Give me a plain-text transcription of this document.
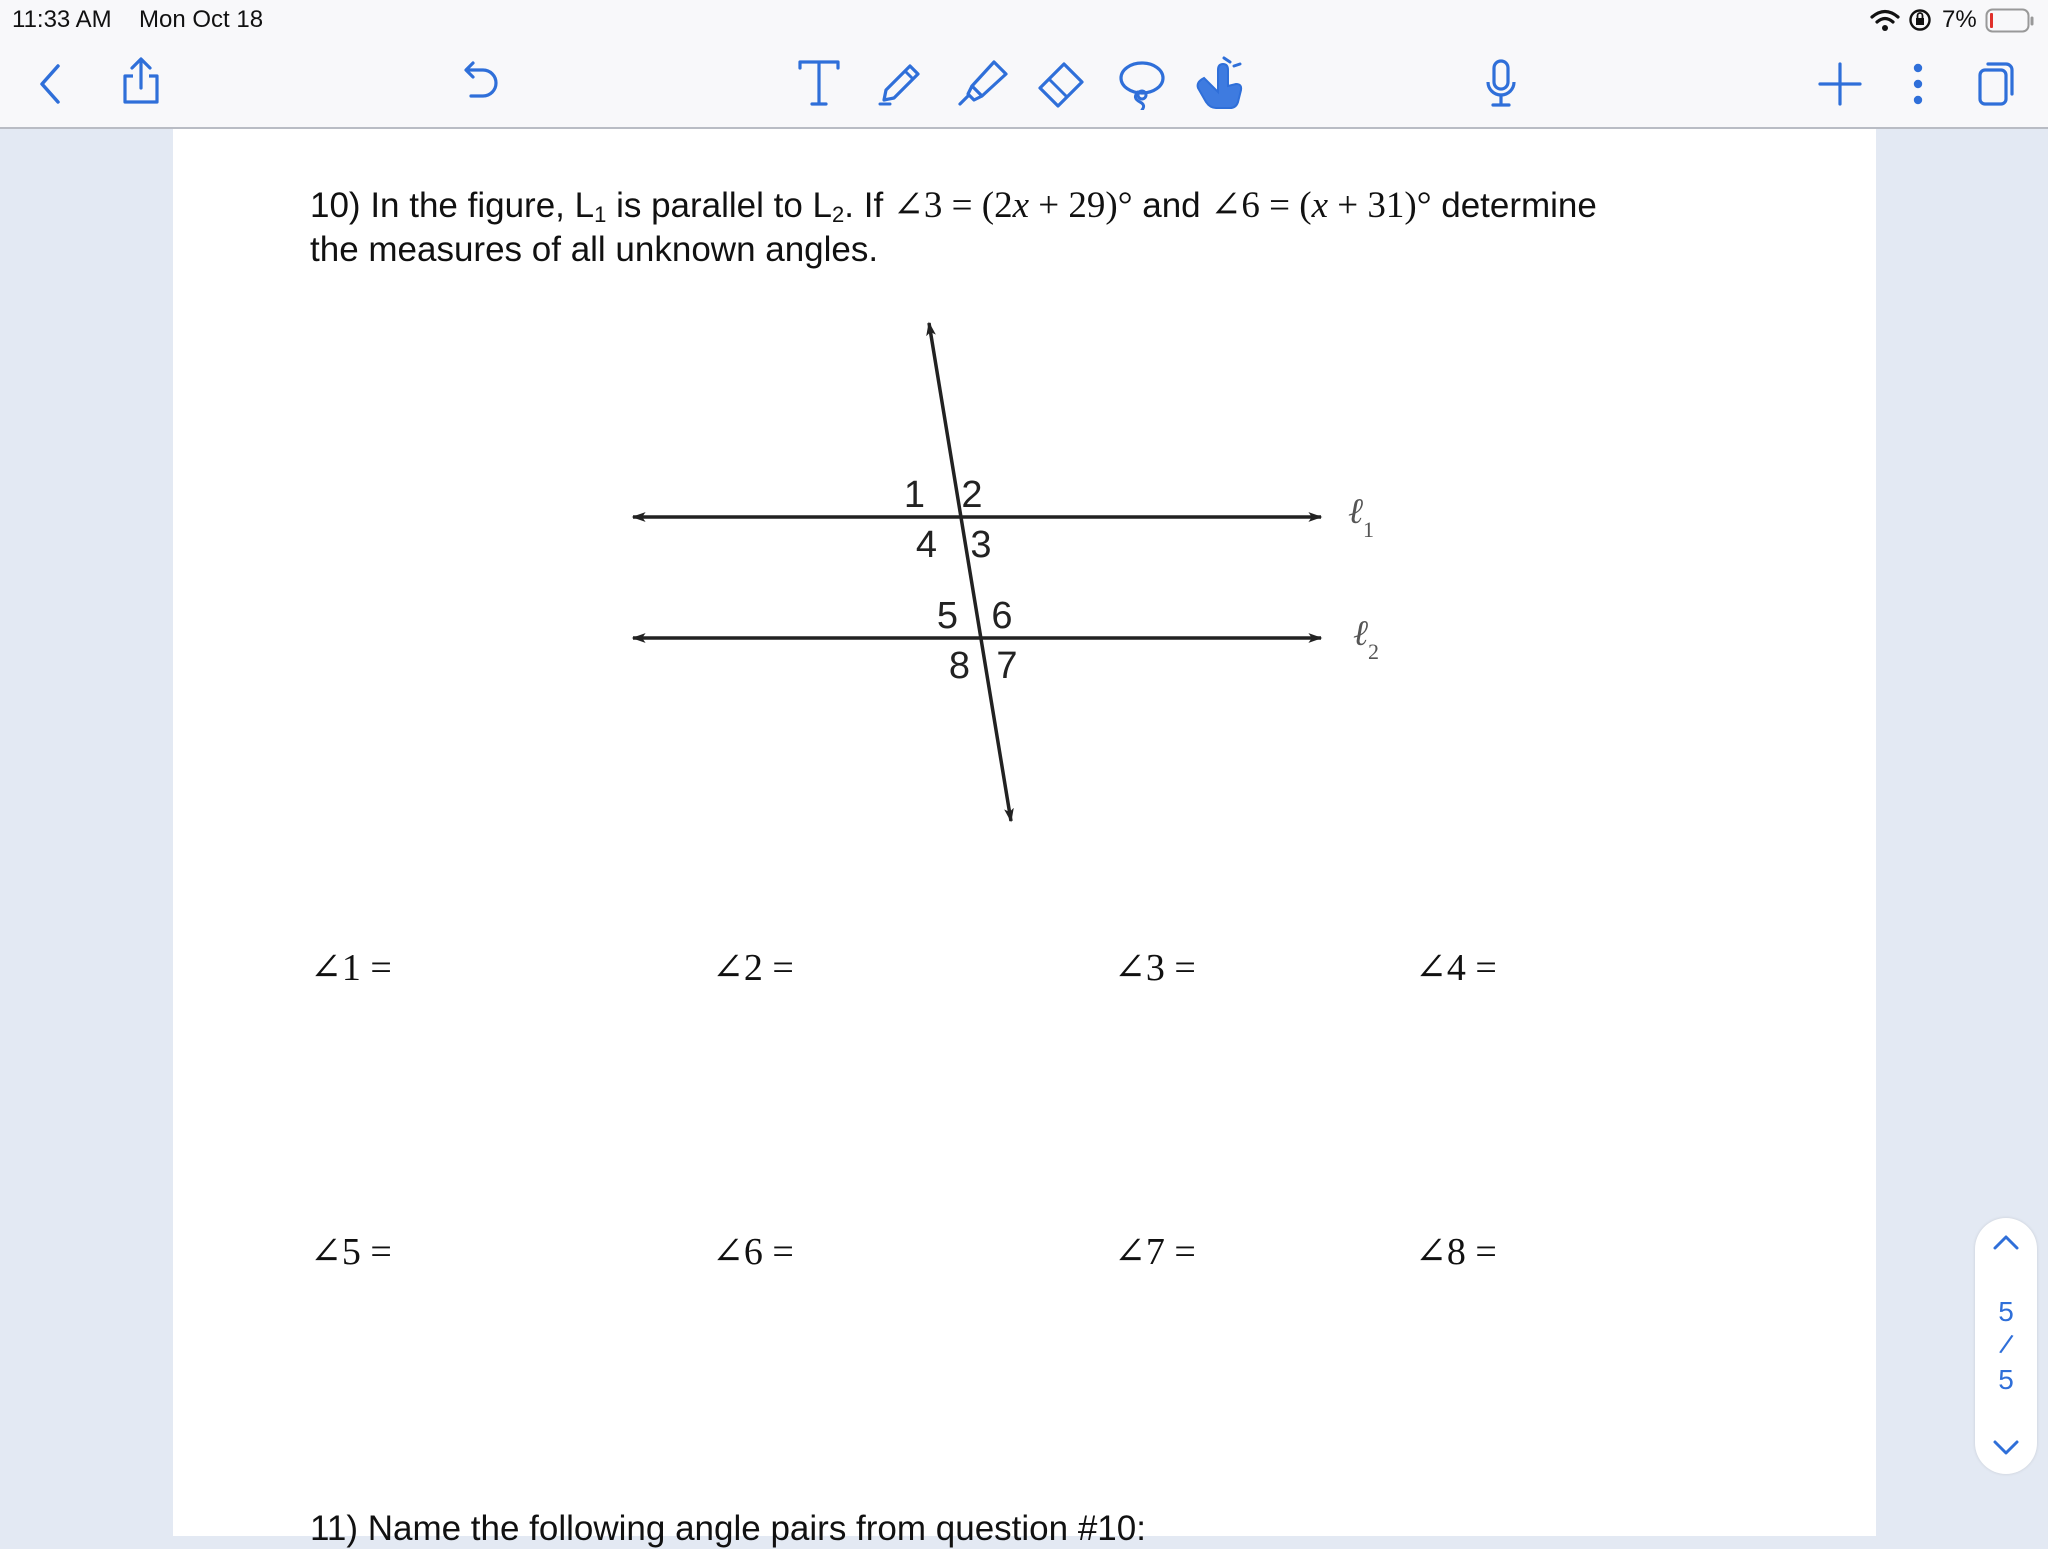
11:33 AM Mon Oct 18	7%
10) In the figure, $L_1$ is parallel to $L_2$. If ∠3 = (2x + 29)° and ∠6 = (x + 31)° determine
the measures of all unknown angles.
1 2
4 3
5 6
8 7
ℓ 1
ℓ 2
∠1 =	∠2 =	∠3 =	∠4 =
∠5 =	∠6 =	∠7 =	∠8 =
11) Name the following angle pairs from question #10:
5
/
5
